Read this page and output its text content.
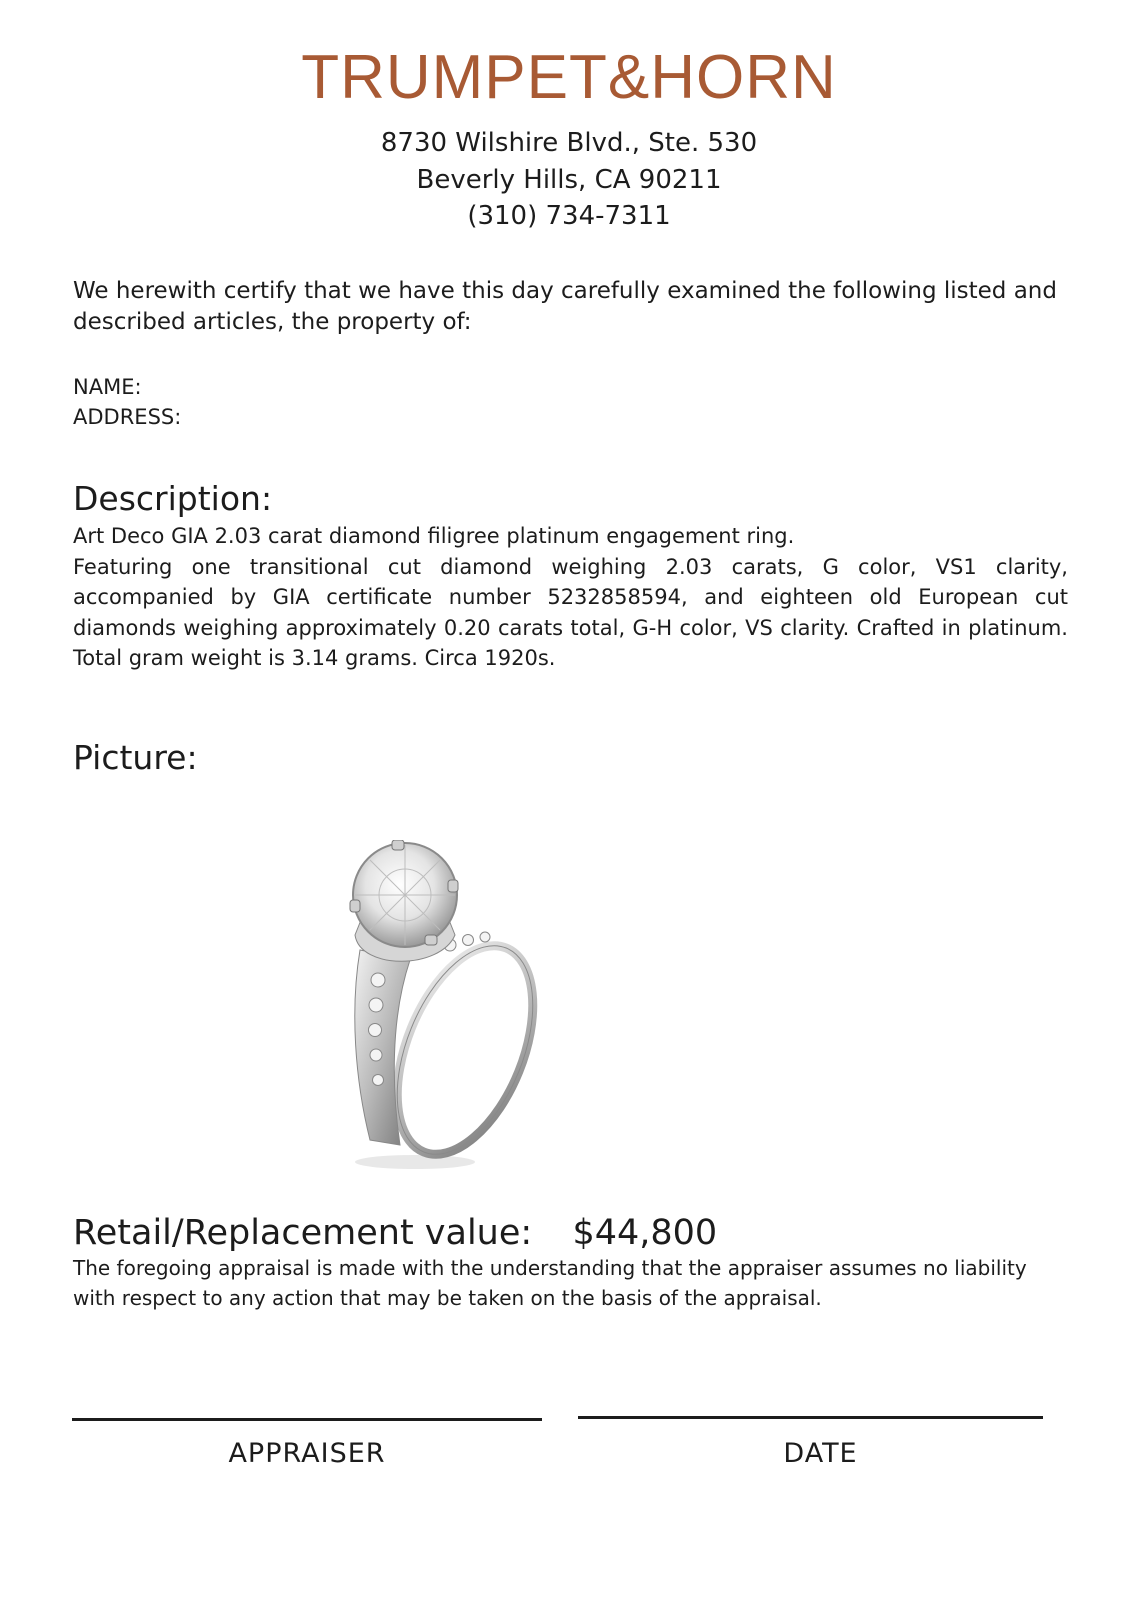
TRUMPET&HORN
8730 Wilshire Blvd., Ste. 530
Beverly Hills, CA 90211
(310) 734-7311
We herewith certify that we have this day carefully examined the following listed and described articles, the property of:
NAME:
ADDRESS:
Description:
Art Deco GIA 2.03 carat diamond filigree platinum engagement ring.
Featuring one transitional cut diamond weighing 2.03 carats, G color, VS1 clarity, accompanied by GIA certificate number 5232858594, and eighteen old European cut diamonds weighing approximately 0.20 carats total, G-H color, VS clarity. Crafted in platinum. Total gram weight is 3.14 grams. Circa 1920s.
Picture:
Retail/Replacement value: $44,800
The foregoing appraisal is made with the understanding that the appraiser assumes no liability with respect to any action that may be taken on the basis of the appraisal.
APPRAISER	DATE
